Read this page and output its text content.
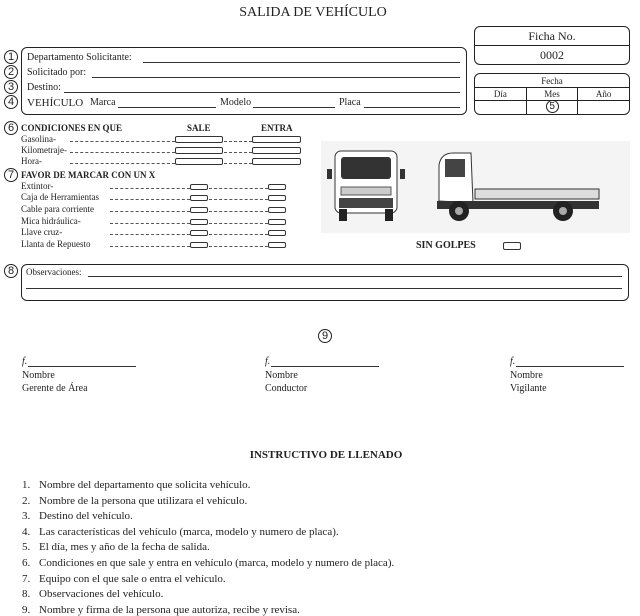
SALIDA DE VEHÍCULO
Ficha No.
0002
Fecha
Día	Mes	Año
5
1
2
3
4
Departamento Solicitante:
Solicitado por:
Destino:
VEHÍCULO Marca	Modelo	Placa
6 CONDICIONES EN QUE	SALE	ENTRA
Gasolina-
Kilometraje-
Hora-
7 FAVOR DE MARCAR CON UN X
Extintor-
Caja de Herramientas
Cable para corriente
Mica hidráulica-
Llave cruz-
Llanta de Repuesto	SIN GOLPES
8	Observaciones:
9
f.
Nombre
Gerente de Área
f.
Nombre
Conductor
f.
Nombre
Vigilante
INSTRUCTIVO DE LLENADO
1. Nombre del departamento que solicita vehículo.
2. Nombre de la persona que utilizara el vehículo.
3. Destino del vehículo.
4. Las características del vehículo (marca, modelo y numero de placa).
5. El día, mes y año de la fecha de salida.
6. Condiciones en que sale y entra en vehículo (marca, modelo y numero de placa).
7. Equipo con el que sale o entra el vehículo.
8. Observaciones del vehículo.
9. Nombre y firma de la persona que autoriza, recibe y revisa.
